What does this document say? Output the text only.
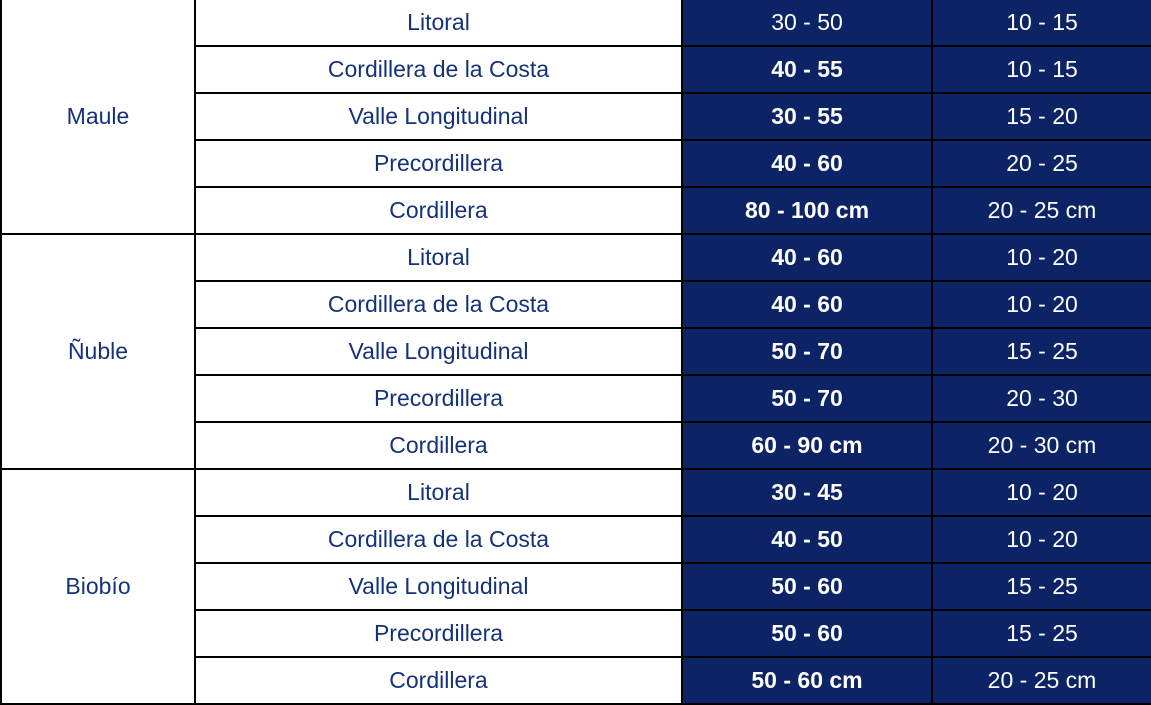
Maule	Litoral	30 - 50	10 - 15
	Cordillera de la Costa	40 - 55	10 - 15
	Valle Longitudinal	30 - 55	15 - 20
	Precordillera	40 - 60	20 - 25
	Cordillera	80 - 100 cm	20 - 25 cm
Ñuble	Litoral	40 - 60	10 - 20
	Cordillera de la Costa	40 - 60	10 - 20
	Valle Longitudinal	50 - 70	15 - 25
	Precordillera	50 - 70	20 - 30
	Cordillera	60 - 90 cm	20 - 30 cm
Biobío	Litoral	30 - 45	10 - 20
	Cordillera de la Costa	40 - 50	10 - 20
	Valle Longitudinal	50 - 60	15 - 25
	Precordillera	50 - 60	15 - 25
	Cordillera	50 - 60 cm	20 - 25 cm
